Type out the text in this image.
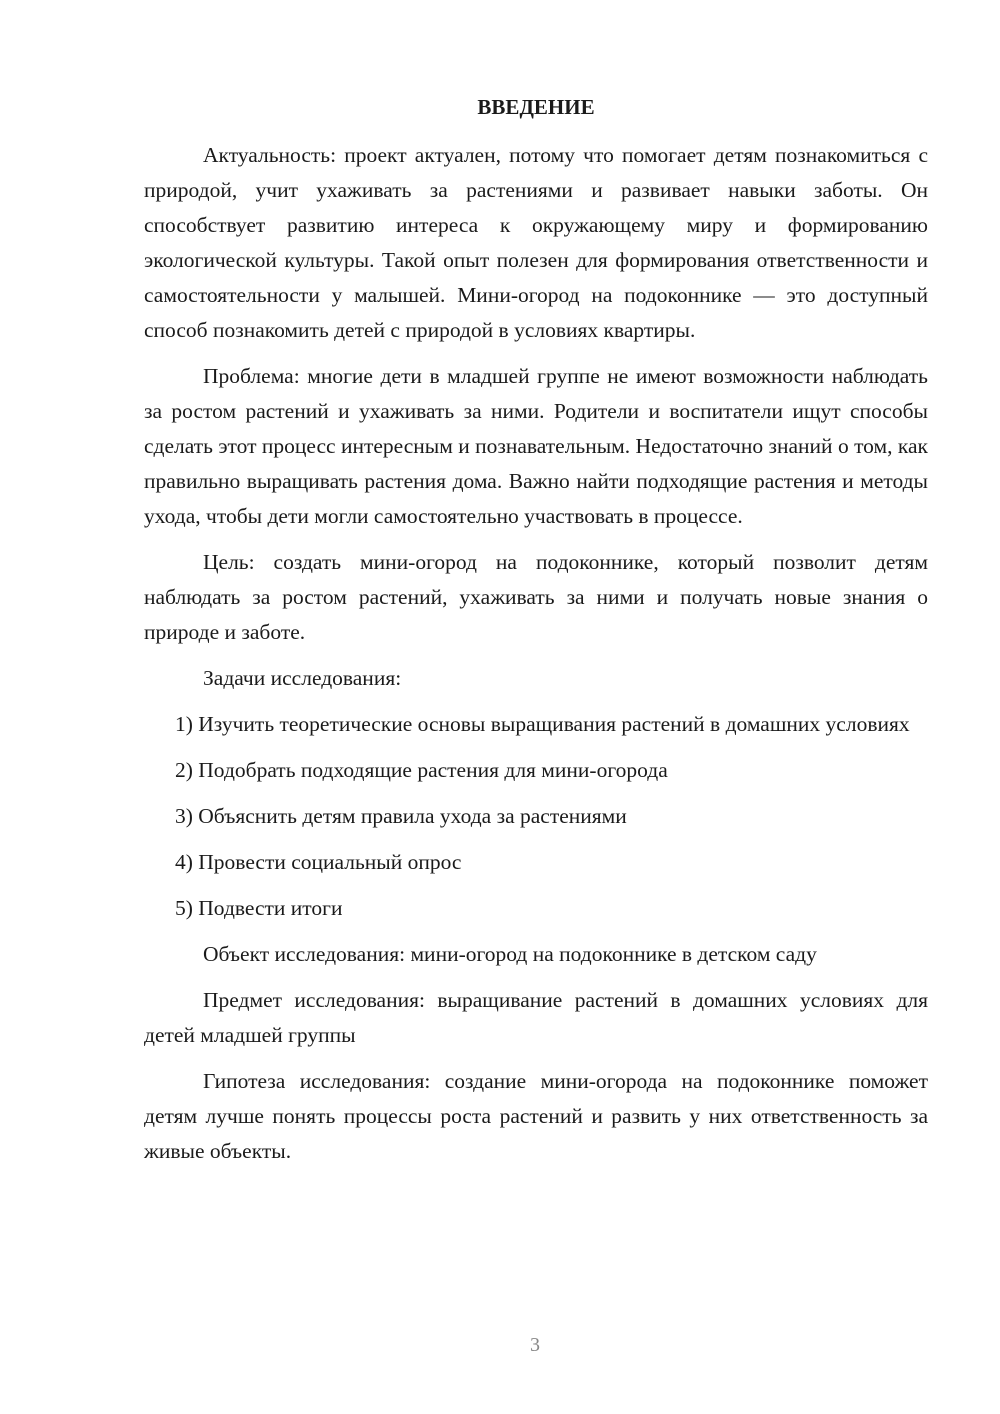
ВВЕДЕНИЕ

Актуальность: проект актуален, потому что помогает детям познакомиться с природой, учит ухаживать за растениями и развивает навыки заботы. Он способствует развитию интереса к окружающему миру и формированию экологической культуры. Такой опыт полезен для формирования ответственности и самостоятельности у малышей. Мини-огород на подоконнике — это доступный способ познакомить детей с природой в условиях квартиры.

Проблема: многие дети в младшей группе не имеют возможности наблюдать за ростом растений и ухаживать за ними. Родители и воспитатели ищут способы сделать этот процесс интересным и познавательным. Недостаточно знаний о том, как правильно выращивать растения дома. Важно найти подходящие растения и методы ухода, чтобы дети могли самостоятельно участвовать в процессе.

Цель: создать мини-огород на подоконнике, который позволит детям наблюдать за ростом растений, ухаживать за ними и получать новые знания о природе и заботе.

Задачи исследования:

1) Изучить теоретические основы выращивания растений в домашних условиях

2) Подобрать подходящие растения для мини-огорода

3) Объяснить детям правила ухода за растениями

4) Провести социальный опрос

5) Подвести итоги

Объект исследования: мини-огород на подоконнике в детском саду

Предмет исследования: выращивание растений в домашних условиях для детей младшей группы

Гипотеза исследования: создание мини-огорода на подоконнике поможет детям лучше понять процессы роста растений и развить у них ответственность за живые объекты.

3
